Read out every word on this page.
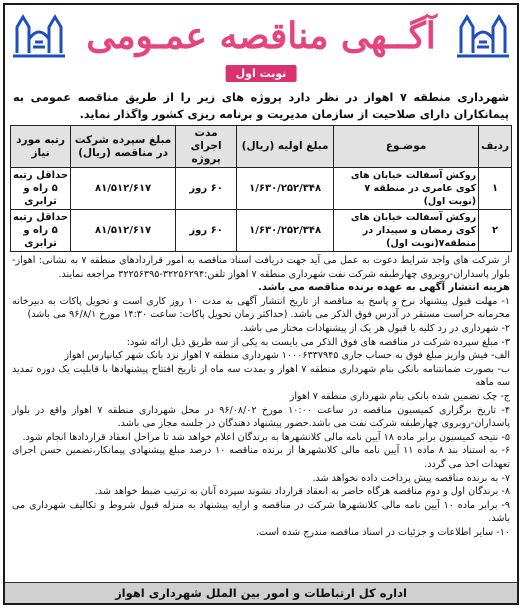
آگــهی مناقصه عمـومی
نوبت اول
شهرداری منطقه ۷ اهواز در نظر دارد پروژه های زیر را از طریق مناقصه عمومی به پیمانکاران دارای صلاحیت از سازمان مدیریت و برنامه ریزی کشور واگذار نماید.
ردیف	موضـوع	مبلغ اولیه (ریال)	مدت اجرای پروژه	مبلغ سپرده شرکت در مناقصه (ریال)	رتبه مورد نیاز
۱	روکش آسفالت خیابان های کوی عامری در منطقه ۷ (نوبت اول)	۱/۶۳۰/۲۵۲/۳۴۸	۶۰ روز	۸۱/۵۱۲/۶۱۷	حداقل رتبه ۵ راه و ترابری
۲	روکش آسفالت خیابان های کوی رمضان و سپیدار در منطقه۷(نوبت اول)	۱/۶۳۰/۲۵۲/۳۴۸	۶۰ روز	۸۱/۵۱۲/۶۱۷	حداقل رتبه ۵ راه و ترابری

از شرکت های واجد شرایط دعوت به عمل می آید جهت دریافت اسناد مناقصه به امور قراردادهای منطقه ۷ به نشانی: اهواز-بلوار پاسداران-روبروی چهارطبقه شرکت نفت شهرداری منطقه ۷ اهواز تلفن:۳۲۲۵۶۲۹۴-۳۲۲۵۶۳۹۵ مراجعه نمایند.

هزینه انتشار آگهی به عهده برنده مناقصه می باشد.

۱- مهلت قبول پیشنهاد نرخ و پاسخ به مناقصه از تاریخ انتشار آگهی به مدت ۱۰ روز کاری است و تحویل پاکات به دبیرخانه محرمانه حراست مستقر در آدرس فوق الذکر می باشد. (حداکثر زمان تحویل پاکات: ساعت ۱۴:۳۰ مورخ ۹۶/۸/۱ می باشد)

۲- شهرداری در رد کلیه یا قبول هر یک از پیشنهادات مختار می باشد.

۳- مبلغ سپرده شرکت در مناقصه های فوق الذکر می بایست به یکی از سه طریق ذیل ارائه شود:

الف- فیش واریز مبلغ فوق به حساب جاری ۱۰۰۰۶۳۳۷۹۴۵ شهرداری منطقه ۷ اهواز نزد بانک شهر کیانپارس اهواز

ب- بصورت ضمانتنامه بانکی بنام شهرداری منطقه ۷ اهواز و بمدت سه ماه از تاریخ افتتاح پیشنهادها با قابلیت یک دوره تمدید سه ماهه

ج- چک تضمین شده بانکی بنام شهرداری منطقه ۷ اهواز

۴- تاریخ برگزاری کمیسیون مناقصه در ساعت ۱۰:۰۰ مورخ ۹۶/۰۸/۰۲ در محل شهرداری منطقه ۷ اهواز واقع در بلوار پاسداران-روبروی چهارطبقه شرکت نفت می باشد.حضور پیشنهاد دهندگان در جلسه مجاز می باشد.

۵- نتیجه کمیسیون برابر ماده ۱۸ آیین نامه مالی کلانشهرها به برندگان اعلام خواهد شد تا مراحل انعقاد قراردادها انجام شود.

۶- به استناد بند ۸ ماده ۱۱ آیین نامه مالی کلانشهرها از برنده مناقصه ۱۰ درصد مبلغ پیشنهادی پیمانکار،تضمین حسن اجرای تعهدات اخذ می گردد.

۷- به برنده مناقصه پیش پرداخت داده نخواهد شد.

۸- برندگان اول و دوم مناقصه هرگاه حاضر به انعقاد قرارداد نشوند سپرده آنان به ترتیب ضبط خواهد شد.

۹- برابر ماده ۱۰ آیین نامه مالی کلانشهرها شرکت در مناقصه و ارایه پیشنهاد به منزله قبول شروط و تکالیف شهرداری می باشد.

۱۰- سایر اطلاعات و جزئیات در اسناد مناقصه مندرج شده است.

اداره کل ارتباطات و امور بین الملل شهرداری اهواز
